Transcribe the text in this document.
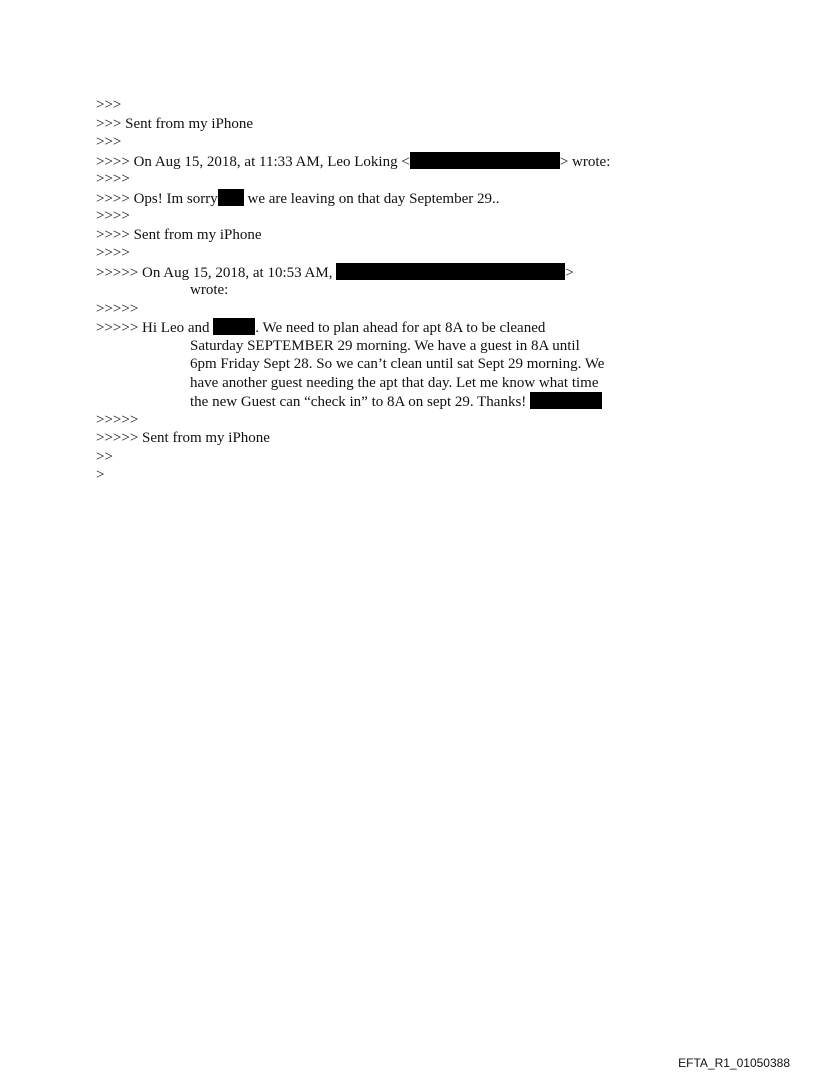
>>>
>>> Sent from my iPhone
>>>
>>>> On Aug 15, 2018, at 11:33 AM, Leo Loking <	> wrote:
>>>>
>>>> Ops! Im sorry we are leaving on that day September 29..
>>>>
>>>> Sent from my iPhone
>>>>
>>>>> On Aug 15, 2018, at 10:53 AM,	>
wrote:
>>>>>
>>>>> Hi Leo and	. We need to plan ahead for apt 8A to be cleaned
Saturday SEPTEMBER 29 morning. We have a guest in 8A until
6pm Friday Sept 28. So we can’t clean until sat Sept 29 morning. We
have another guest needing the apt that day. Let me know what time
the new Guest can “check in” to 8A on sept 29. Thanks!
>>>>>
>>>>> Sent from my iPhone
>>
>
EFTA_R1_01050388
